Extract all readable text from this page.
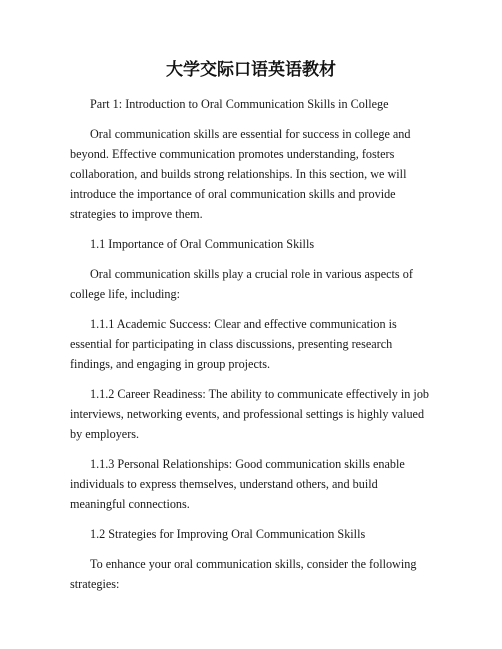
大学交际口语英语教材

Part 1: Introduction to Oral Communication Skills in College

Oral communication skills are essential for success in college and beyond. Effective communication promotes understanding, fosters collaboration, and builds strong relationships. In this section, we will introduce the importance of oral communication skills and provide strategies to improve them.

1.1 Importance of Oral Communication Skills

Oral communication skills play a crucial role in various aspects of college life, including:

1.1.1 Academic Success: Clear and effective communication is essential for participating in class discussions, presenting research findings, and engaging in group projects.

1.1.2 Career Readiness: The ability to communicate effectively in job interviews, networking events, and professional settings is highly valued by employers.

1.1.3 Personal Relationships: Good communication skills enable individuals to express themselves, understand others, and build meaningful connections.

1.2 Strategies for Improving Oral Communication Skills

To enhance your oral communication skills, consider the following strategies:
